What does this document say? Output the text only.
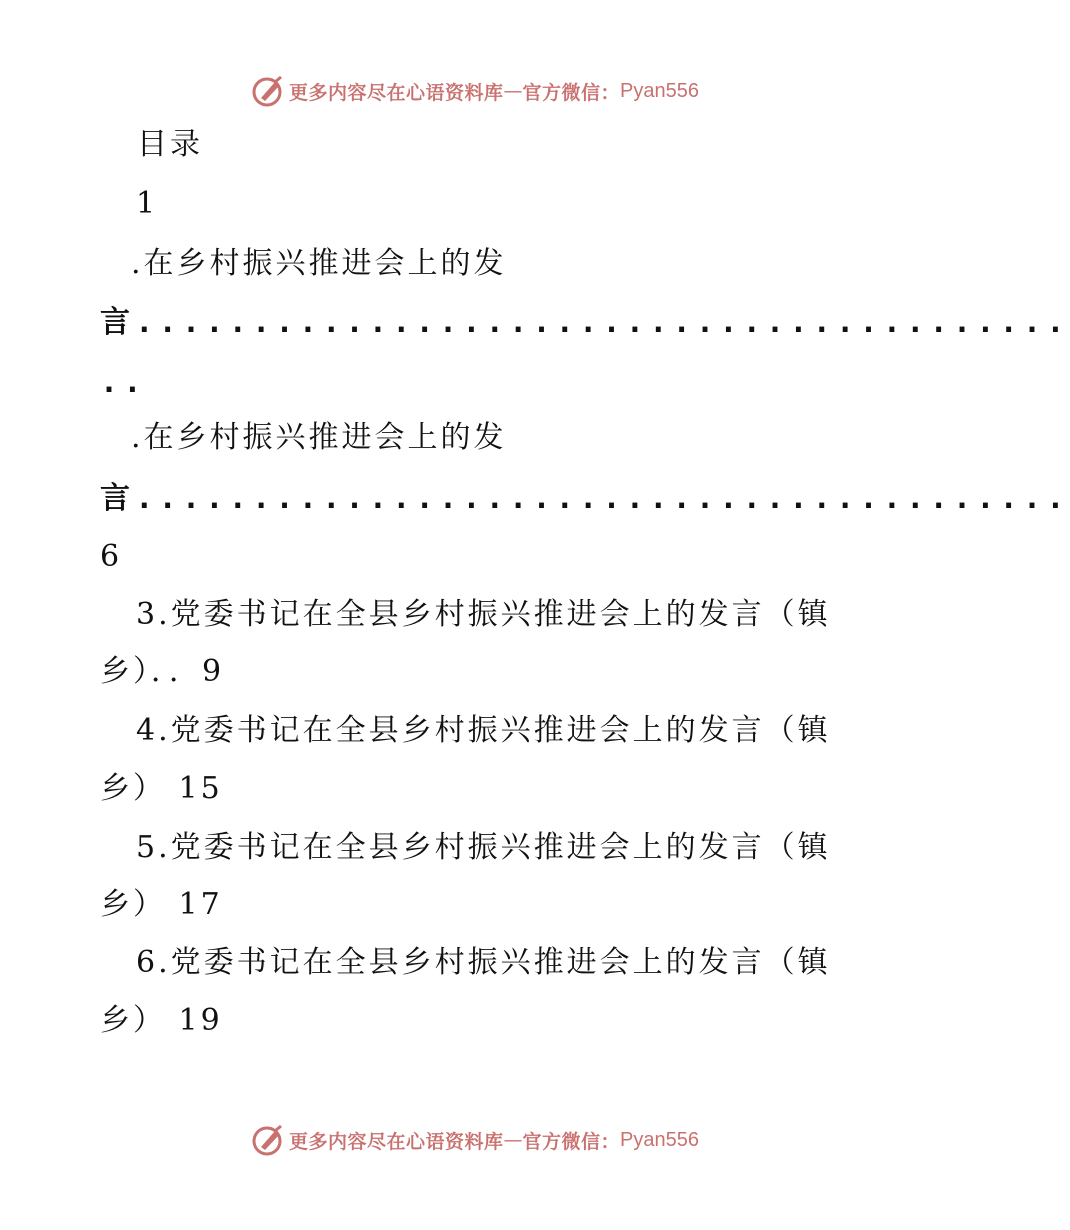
更多内容尽在心语资料库 — 官方微信： Pyan556
目录
1
.在乡村振兴推进会上的发
言........................................
..
.在乡村振兴推进会上的发
言........................................
6
3.党委书记在全县乡村振兴推进会上的发言（镇
乡）．．9
4.党委书记在全县乡村振兴推进会上的发言（镇
乡） 15
5.党委书记在全县乡村振兴推进会上的发言（镇
乡） 17
6.党委书记在全县乡村振兴推进会上的发言（镇
乡） 19
更多内容尽在心语资料库 — 官方微信： Pyan556
